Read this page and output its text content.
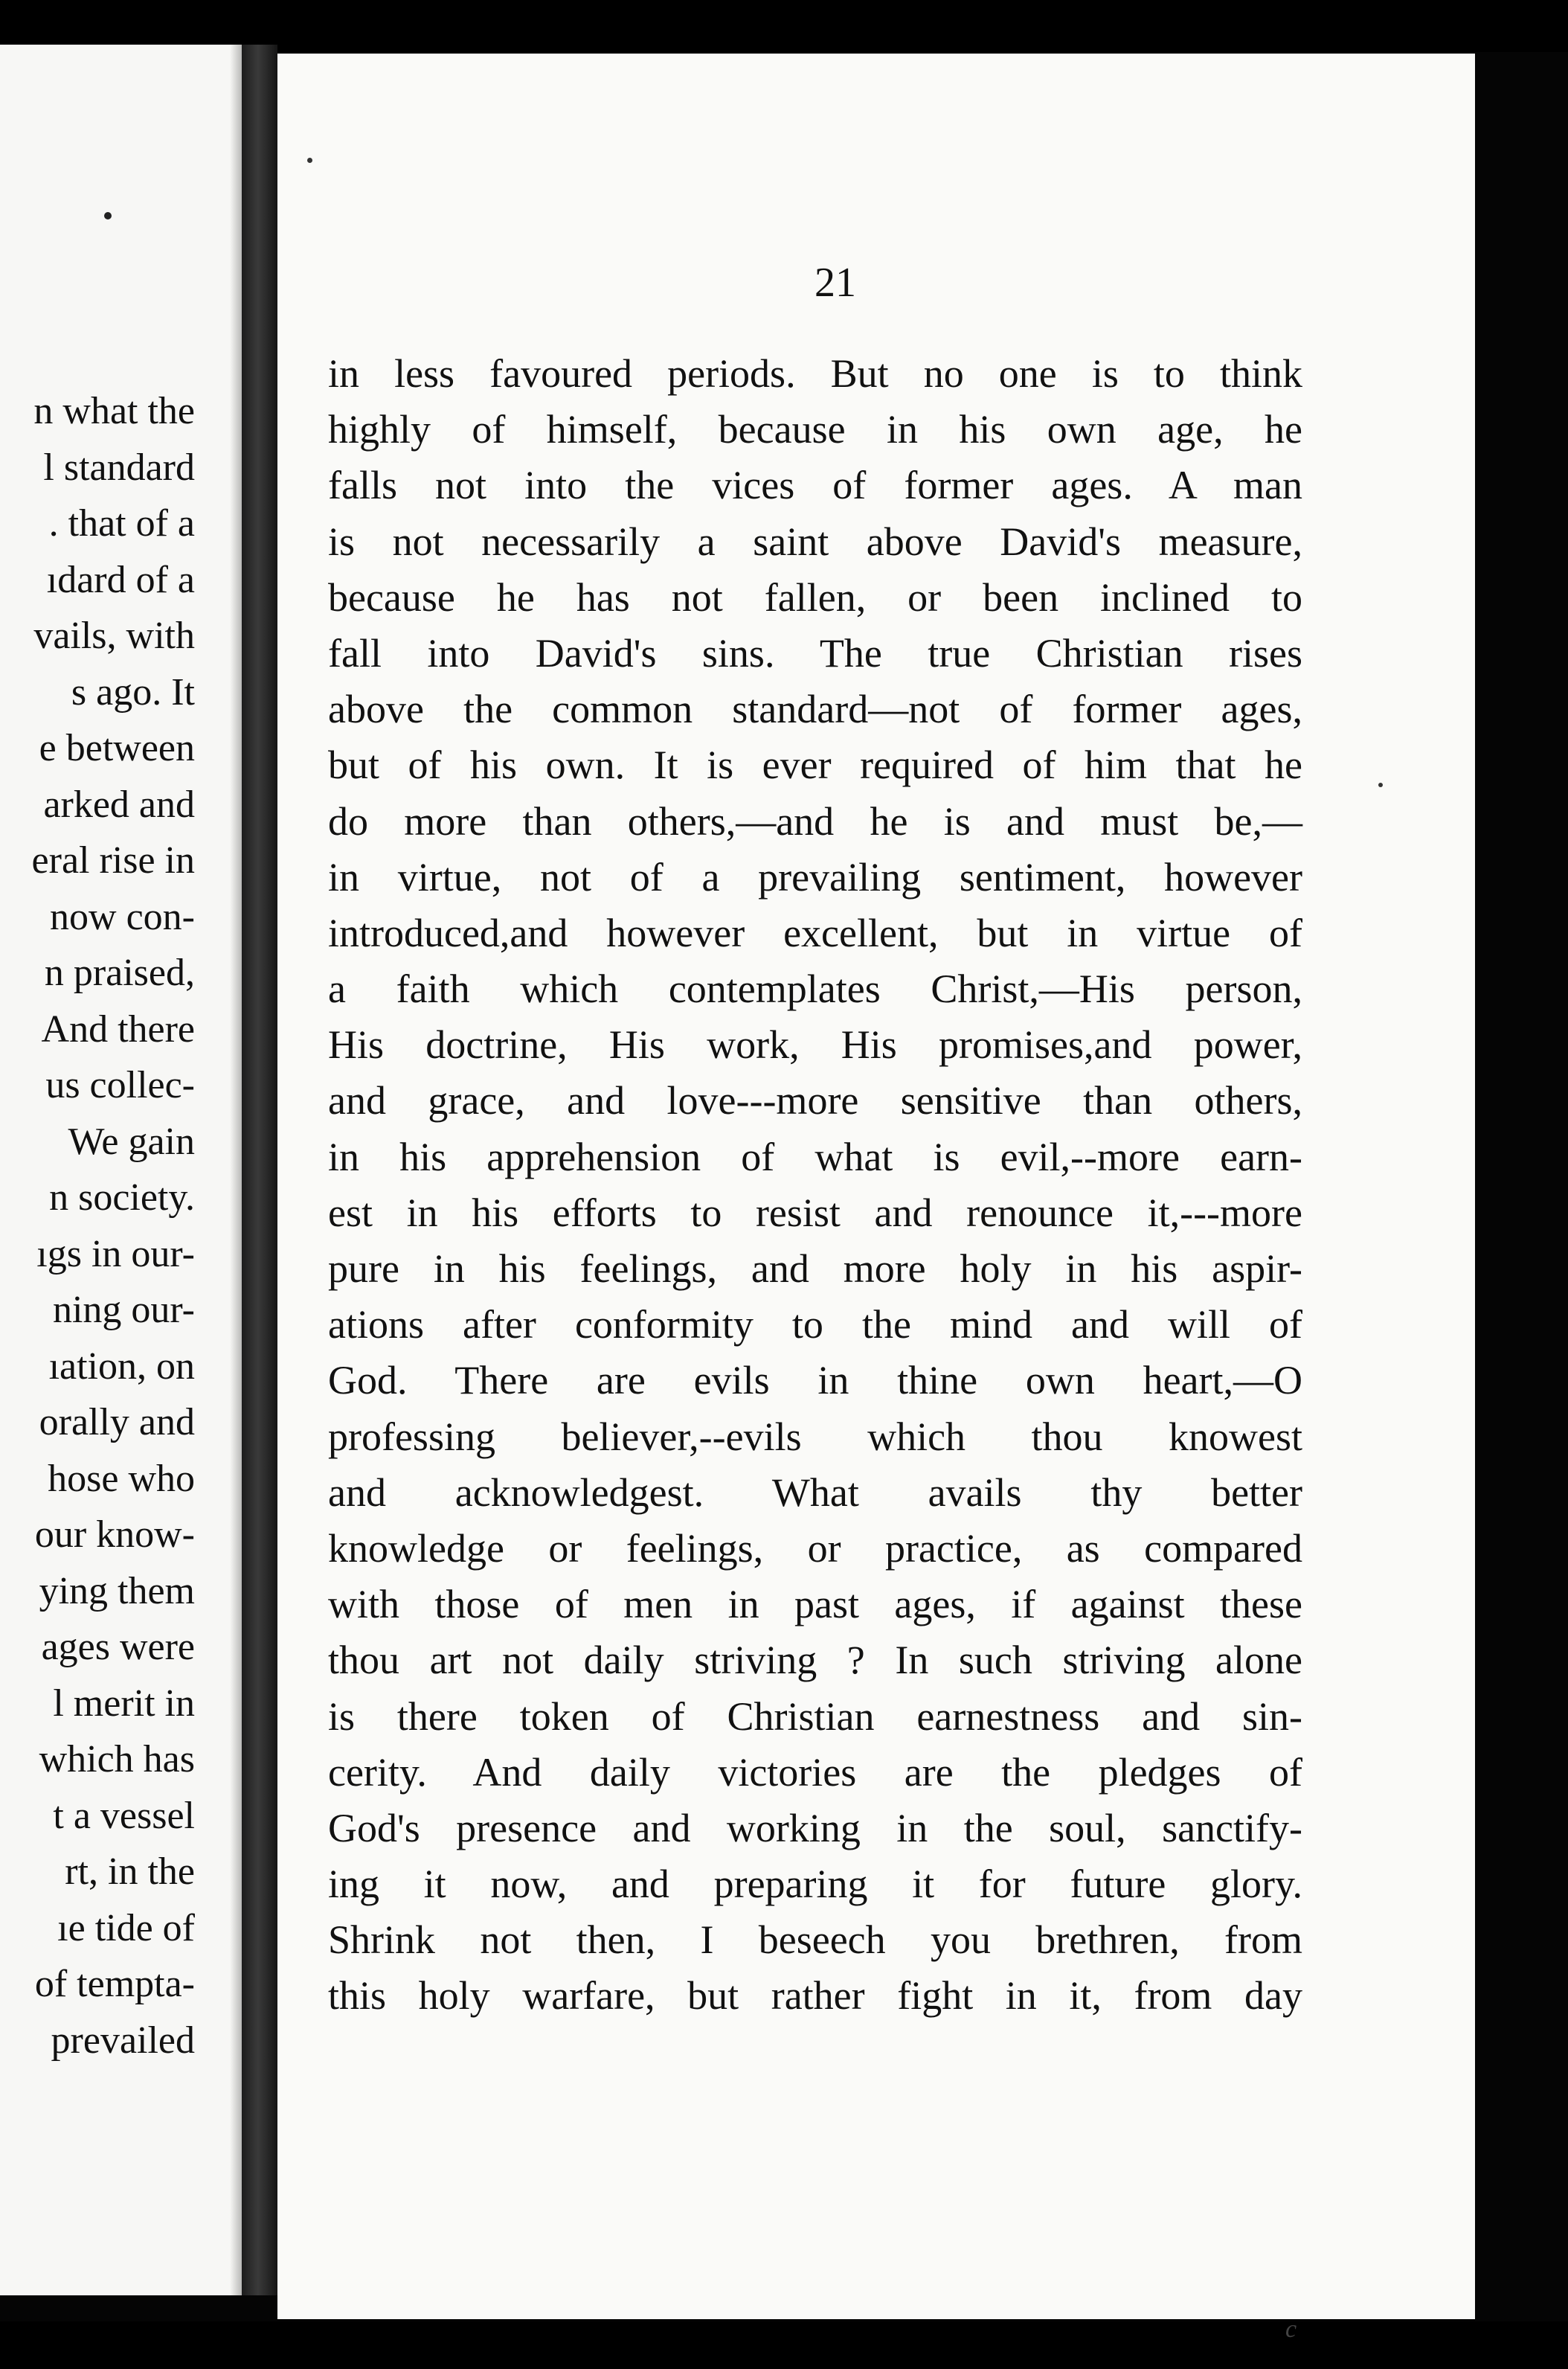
n what the
l standard
. that of a
ıdard of a
vails, with
s ago. It
e between
arked and
eral rise in
now con-
n praised,
And there
us collec-
We gain
n society.
ıgs in our-
ning our-
ıation, on
orally and
hose who
our know-
ying them
ages were
l merit in
which has
t a vessel
rt, in the
ıe tide of
of tempta-
prevailed
21
in less favoured periods. But no one is to think
highly of himself, because in his own age, he
falls not into the vices of former ages. A man
is not necessarily a saint above David's measure,
because he has not fallen, or been inclined to
fall into David's sins. The true Christian rises
above the common standard—not of former ages,
but of his own. It is ever required of him that he
do more than others,—and he is and must be,—
in virtue, not of a prevailing sentiment, however
introduced,and however excellent, but in virtue of
a faith which contemplates Christ,—His person,
His doctrine, His work, His promises,and power,
and grace, and love---more sensitive than others,
in his apprehension of what is evil,--more earn-
est in his efforts to resist and renounce it,---more
pure in his feelings, and more holy in his aspir-
ations after conformity to the mind and will of
God. There are evils in thine own heart,—O
professing believer,--evils which thou knowest
and acknowledgest. What avails thy better
knowledge or feelings, or practice, as compared
with those of men in past ages, if against these
thou art not daily striving ? In such striving alone
is there token of Christian earnestness and sin-
cerity. And daily victories are the pledges of
God's presence and working in the soul, sanctify-
ing it now, and preparing it for future glory.
Shrink not then, I beseech you brethren, from
this holy warfare, but rather fight in it, from day
c
